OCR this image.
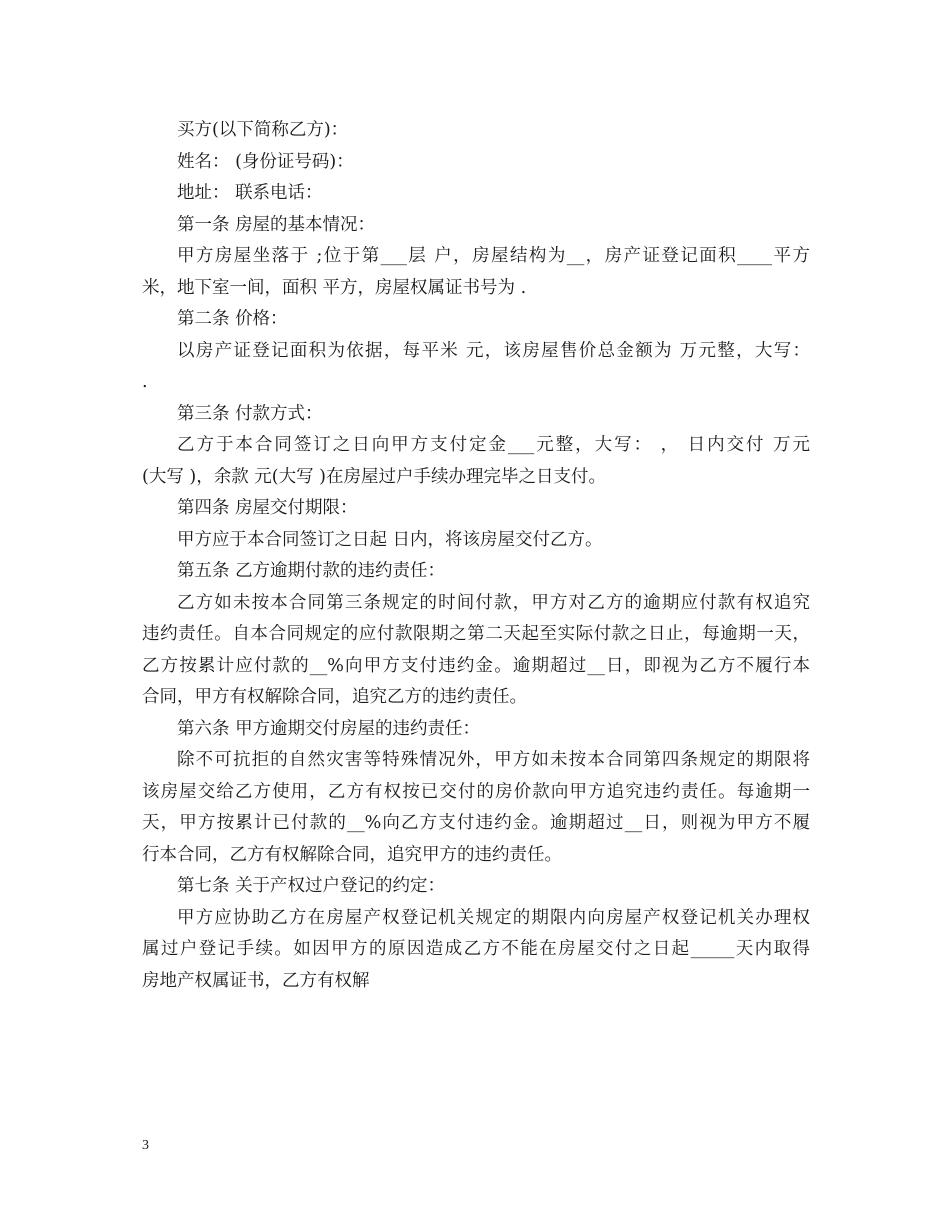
买方(以下简称乙方)：
姓名： (身份证号码)：
地址： 联系电话：
第一条 房屋的基本情况：
甲方房屋坐落于 ;位于第___层 户，房屋结构为__，房产证登记面积____平方
米，地下室一间，面积 平方，房屋权属证书号为 .
第二条 价格：
以房产证登记面积为依据，每平米 元，该房屋售价总金额为 万元整，大写：
.
第三条 付款方式：
乙方于本合同签订之日向甲方支付定金___元整，大写： ， 日内交付 万元
(大写 )，余款 元(大写 )在房屋过户手续办理完毕之日支付。
第四条 房屋交付期限：
甲方应于本合同签订之日起 日内，将该房屋交付乙方。
第五条 乙方逾期付款的违约责任：
乙方如未按本合同第三条规定的时间付款，甲方对乙方的逾期应付款有权追究
违约责任。自本合同规定的应付款限期之第二天起至实际付款之日止，每逾期一天，
乙方按累计应付款的__%向甲方支付违约金。逾期超过__日，即视为乙方不履行本
合同，甲方有权解除合同，追究乙方的违约责任。
第六条 甲方逾期交付房屋的违约责任：
除不可抗拒的自然灾害等特殊情况外，甲方如未按本合同第四条规定的期限将
该房屋交给乙方使用，乙方有权按已交付的房价款向甲方追究违约责任。每逾期一
天，甲方按累计已付款的__%向乙方支付违约金。逾期超过__日，则视为甲方不履
行本合同，乙方有权解除合同，追究甲方的违约责任。
第七条 关于产权过户登记的约定：
甲方应协助乙方在房屋产权登记机关规定的期限内向房屋产权登记机关办理权
属过户登记手续。如因甲方的原因造成乙方不能在房屋交付之日起_____天内取得
房地产权属证书，乙方有权解
3
